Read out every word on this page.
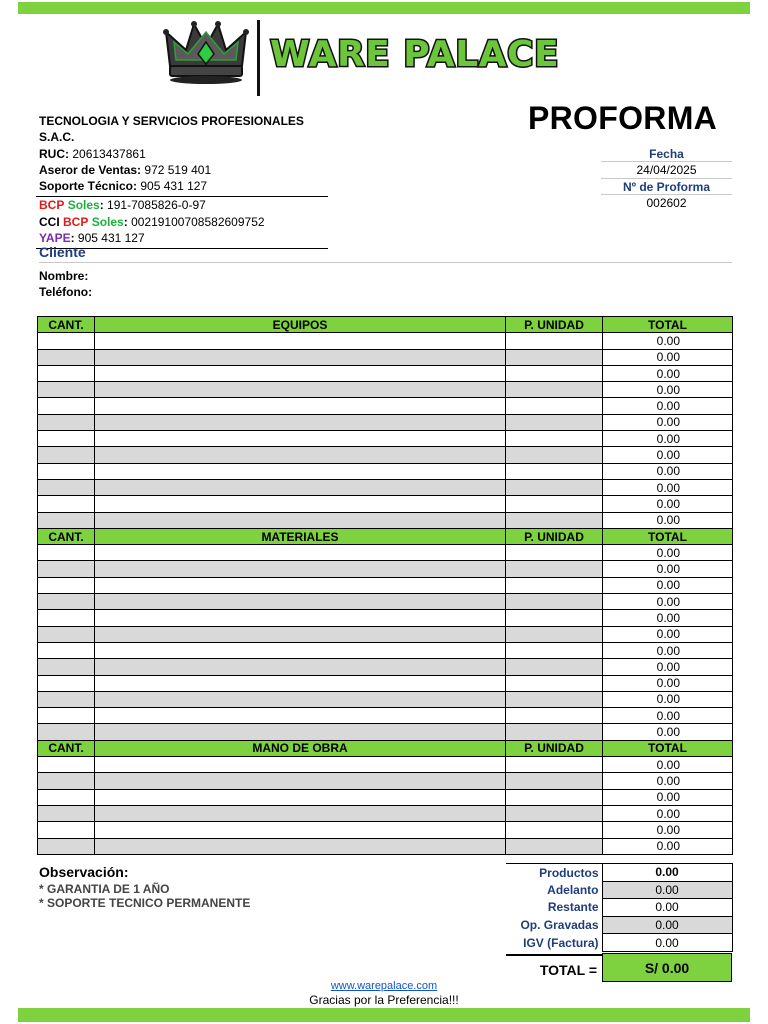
WARE PALACE
TECNOLOGIA Y SERVICIOS PROFESIONALES S.A.C.
RUC: 20613437861
Aseror de Ventas: 972 519 401
Soporte Técnico: 905 431 127
BCP Soles: 191-7085826-0-97
CCI BCP Soles: 00219100708582609752
YAPE: 905 431 127
PROFORMA
Fecha
24/04/2025
Nº de Proforma
002602
Cliente
Nombre:
Teléfono:
CANT.	EQUIPOS	P. UNIDAD	TOTAL
			0.00
			0.00
			0.00
			0.00
			0.00
			0.00
			0.00
			0.00
			0.00
			0.00
			0.00
			0.00
CANT.	MATERIALES	P. UNIDAD	TOTAL
			0.00
			0.00
			0.00
			0.00
			0.00
			0.00
			0.00
			0.00
			0.00
			0.00
			0.00
			0.00
CANT.	MANO DE OBRA	P. UNIDAD	TOTAL
			0.00
			0.00
			0.00
			0.00
			0.00
			0.00
Observación:
* GARANTIA DE 1 AÑO
* SOPORTE TECNICO PERMANENTE
Productos	0.00
Adelanto	0.00
Restante	0.00
Op. Gravadas	0.00
IGV (Factura)	0.00
TOTAL =	S/ 0.00
www.warepalace.com
Gracias por la Preferencia!!!
